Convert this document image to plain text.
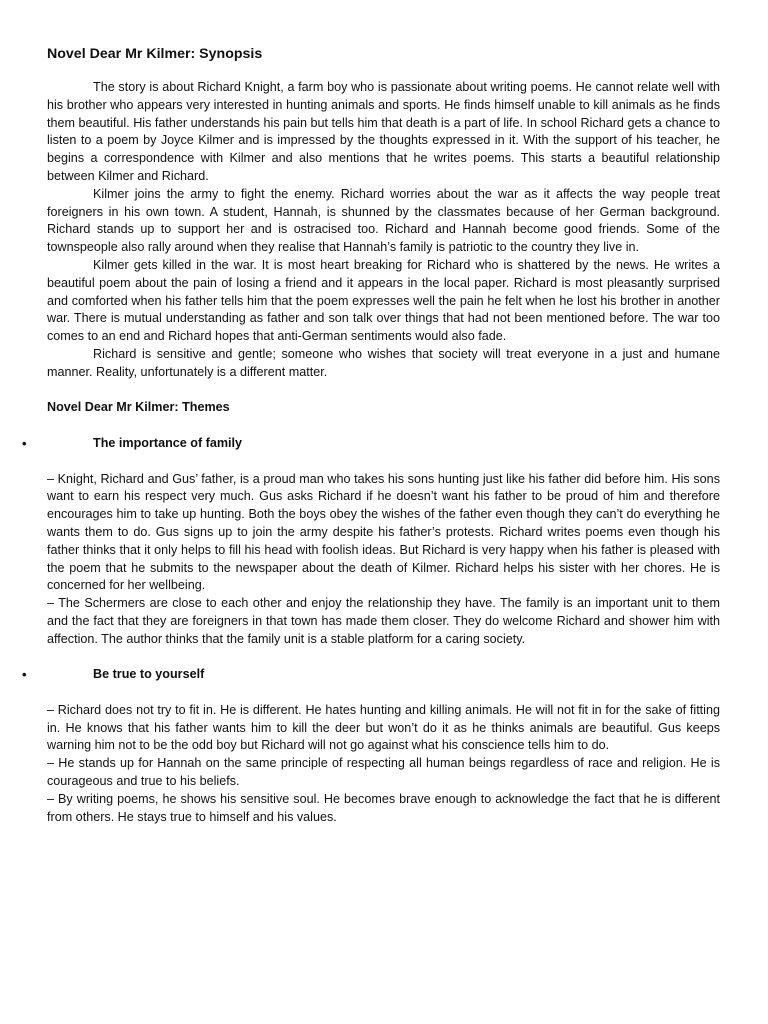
Novel Dear Mr Kilmer: Synopsis

The story is about Richard Knight, a farm boy who is passionate about writing poems. He cannot relate well with his brother who appears very interested in hunting animals and sports. He finds himself unable to kill animals as he finds them beautiful. His father understands his pain but tells him that death is a part of life. In school Richard gets a chance to listen to a poem by Joyce Kilmer and is impressed by the thoughts expressed in it. With the support of his teacher, he begins a correspondence with Kilmer and also mentions that he writes poems. This starts a beautiful relationship between Kilmer and Richard.

Kilmer joins the army to fight the enemy. Richard worries about the war as it affects the way people treat foreigners in his own town. A student, Hannah, is shunned by the classmates because of her German background. Richard stands up to support her and is ostracised too. Richard and Hannah become good friends. Some of the townspeople also rally around when they realise that Hannah’s family is patriotic to the country they live in.

Kilmer gets killed in the war. It is most heart breaking for Richard who is shattered by the news. He writes a beautiful poem about the pain of losing a friend and it appears in the local paper. Richard is most pleasantly surprised and comforted when his father tells him that the poem expresses well the pain he felt when he lost his brother in another war. There is mutual understanding as father and son talk over things that had not been mentioned before. The war too comes to an end and Richard hopes that anti-German sentiments would also fade.

Richard is sensitive and gentle; someone who wishes that society will treat everyone in a just and humane manner. Reality, unfortunately is a different matter.

Novel Dear Mr Kilmer: Themes

•	The importance of family

– Knight, Richard and Gus’ father, is a proud man who takes his sons hunting just like his father did before him. His sons want to earn his respect very much. Gus asks Richard if he doesn’t want his father to be proud of him and therefore encourages him to take up hunting. Both the boys obey the wishes of the father even though they can’t do everything he wants them to do. Gus signs up to join the army despite his father’s protests. Richard writes poems even though his father thinks that it only helps to fill his head with foolish ideas. But Richard is very happy when his father is pleased with the poem that he submits to the newspaper about the death of Kilmer. Richard helps his sister with her chores. He is concerned for her wellbeing.

– The Schermers are close to each other and enjoy the relationship they have. The family is an important unit to them and the fact that they are foreigners in that town has made them closer. They do welcome Richard and shower him with affection. The author thinks that the family unit is a stable platform for a caring society.

•	Be true to yourself

– Richard does not try to fit in. He is different. He hates hunting and killing animals. He will not fit in for the sake of fitting in. He knows that his father wants him to kill the deer but won’t do it as he thinks animals are beautiful. Gus keeps warning him not to be the odd boy but Richard will not go against what his conscience tells him to do.

– He stands up for Hannah on the same principle of respecting all human beings regardless of race and religion. He is courageous and true to his beliefs.

– By writing poems, he shows his sensitive soul. He becomes brave enough to acknowledge the fact that he is different from others. He stays true to himself and his values.
